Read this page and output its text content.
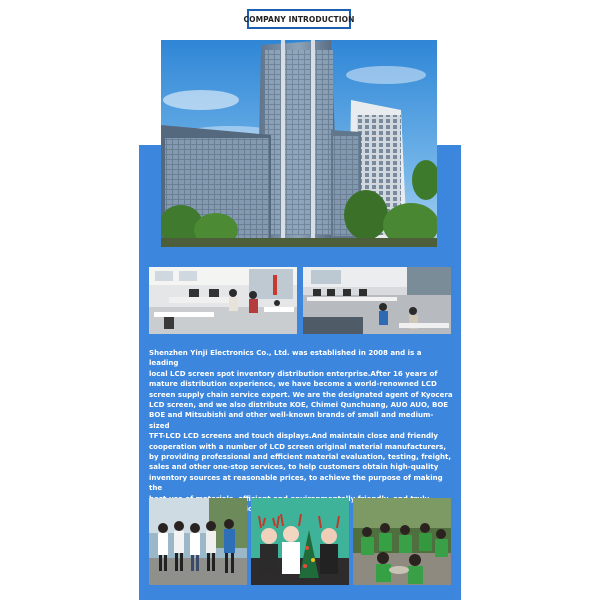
COMPANY INTRODUCTION
Shenzhen Yinji Electronics Co., Ltd. was established in 2008 and is a leading
local LCD screen spot inventory distribution enterprise.After 16 years of
mature distribution experience, we have become a world-renowned LCD
screen supply chain service expert. We are the designated agent of Kyocera
LCD screen, and we also distribute KOE, Chimei Qunchuang, AUO AUO, BOE
BOE and Mitsubishi and other well-known brands of small and medium-sized
TFT-LCD LCD screens and touch displays.And maintain close and friendly
cooperation with a number of LCD screen original material manufacturers,
by providing professional and efficient material evaluation, testing, freight,
sales and other one-stop services, to help customers obtain high-quality
inventory sources at reasonable prices, to achieve the purpose of making the
